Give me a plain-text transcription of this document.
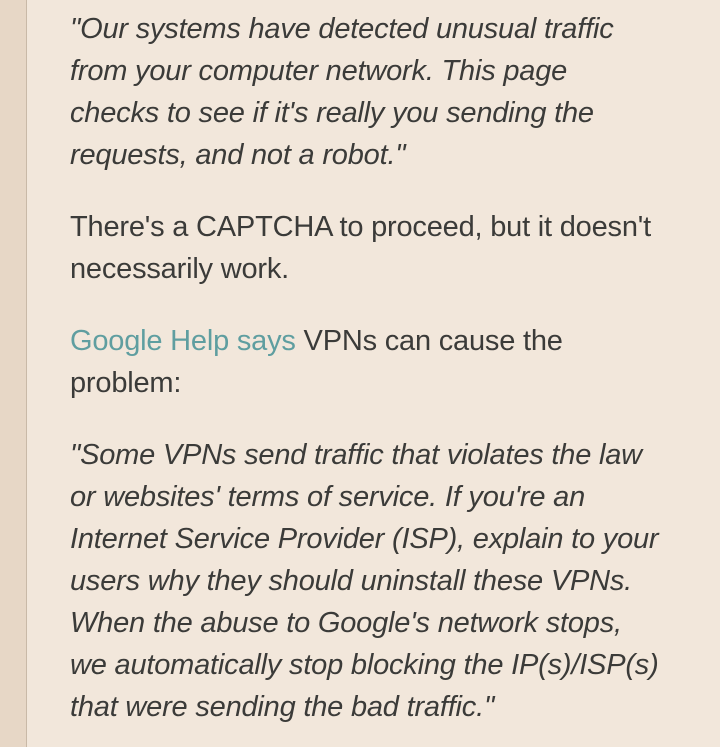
"Our systems have detected unusual traffic from your computer network. This page checks to see if it's really you sending the requests, and not a robot."

There's a CAPTCHA to proceed, but it doesn't necessarily work.

Google Help says VPNs can cause the problem:

"Some VPNs send traffic that violates the law or websites' terms of service. If you're an Internet Service Provider (ISP), explain to your users why they should uninstall these VPNs. When the abuse to Google's network stops, we automatically stop blocking the IP(s)/ISP(s) that were sending the bad traffic."
